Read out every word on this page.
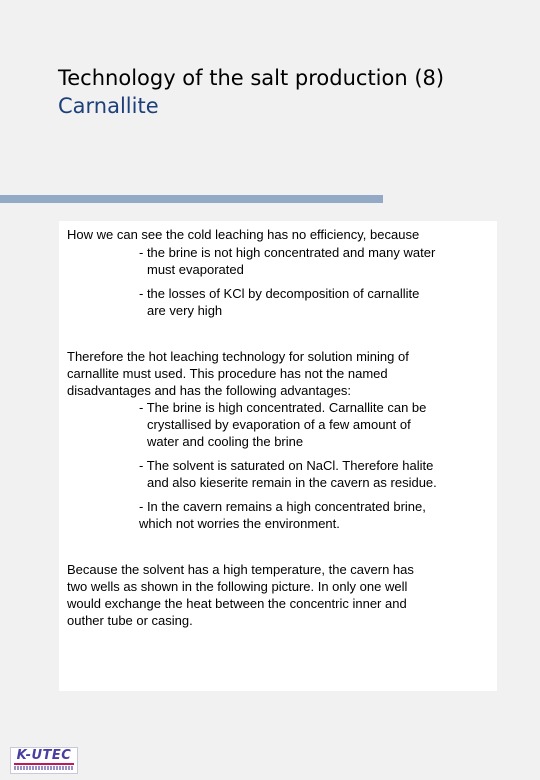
Technology of the salt production (8)
Carnallite

How we can see the cold leaching has no efficiency, because

- the brine is not high concentrated and many water
must evaporated
- the losses of KCl by decomposition of carnallite
are very high
Therefore the hot leaching technology for solution mining of
carnallite must used. This procedure has not the named
disadvantages and has the following advantages:
- The brine is high concentrated. Carnallite can be
crystallised by evaporation of a few amount of
water and cooling the brine
- The solvent is saturated on NaCl. Therefore halite
and also kieserite remain in the cavern as residue.
- In the cavern remains a high concentrated brine,
which not worries the environment.
Because the solvent has a high temperature, the cavern has
two wells as shown in the following picture. In only one well
would exchange the heat between the concentric inner and
outher tube or casing.
K-UTEC
